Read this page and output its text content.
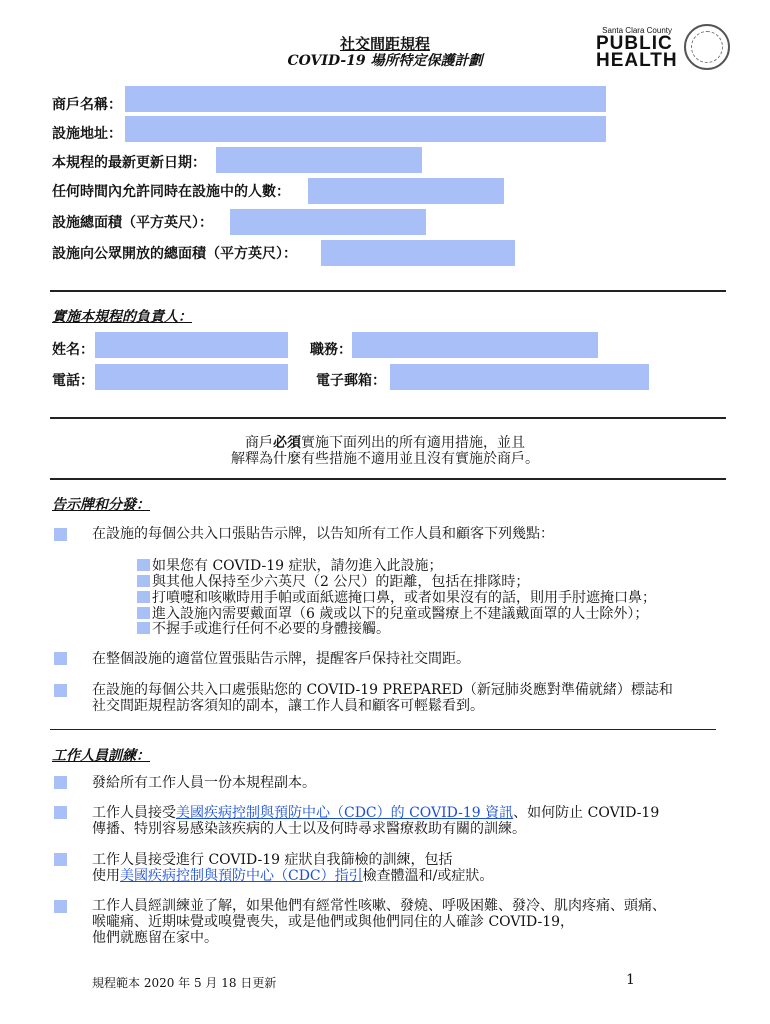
社交間距規程
COVID-19 場所特定保護計劃
Santa Clara County
PUBLIC
HEALTH
商戶名稱：
設施地址：
本規程的最新更新日期：
任何時間內允許同時在設施中的人數：
設施總面積（平方英尺）：
設施向公眾開放的總面積（平方英尺）：
實施本規程的負責人：
姓名：	職務：
電話：	電子郵箱：
商戶必須實施下面列出的所有適用措施，並且
解釋為什麼有些措施不適用並且沒有實施於商戶。
告示牌和分發：
在設施的每個公共入口張貼告示牌，以告知所有工作人員和顧客下列幾點：
如果您有 COVID-19 症狀，請勿進入此設施；
與其他人保持至少六英尺（2 公尺）的距離，包括在排隊時；
打噴嚏和咳嗽時用手帕或面紙遮掩口鼻，或者如果沒有的話，則用手肘遮掩口鼻；
進入設施內需要戴面罩（6 歲或以下的兒童或醫療上不建議戴面罩的人士除外）；
不握手或進行任何不必要的身體接觸。
在整個設施的適當位置張貼告示牌，提醒客戶保持社交間距。
在設施的每個公共入口處張貼您的 COVID-19 PREPARED（新冠肺炎應對準備就緒）標誌和
社交間距規程訪客須知的副本，讓工作人員和顧客可輕鬆看到。
工作人員訓練：
發給所有工作人員一份本規程副本。
工作人員接受美國疾病控制與預防中心（CDC）的 COVID-19 資訊、如何防止 COVID-19
傳播、特別容易感染該疾病的人士以及何時尋求醫療救助有關的訓練。
工作人員接受進行 COVID-19 症狀自我篩檢的訓練，包括
使用美國疾病控制與預防中心（CDC）指引檢查體溫和/或症狀。
工作人員經訓練並了解，如果他們有經常性咳嗽、發燒、呼吸困難、發冷、肌肉疼痛、頭痛、
喉嚨痛、近期味覺或嗅覺喪失，或是他們或與他們同住的人確診 COVID-19，
他們就應留在家中。
規程範本 2020 年 5 月 18 日更新	1
